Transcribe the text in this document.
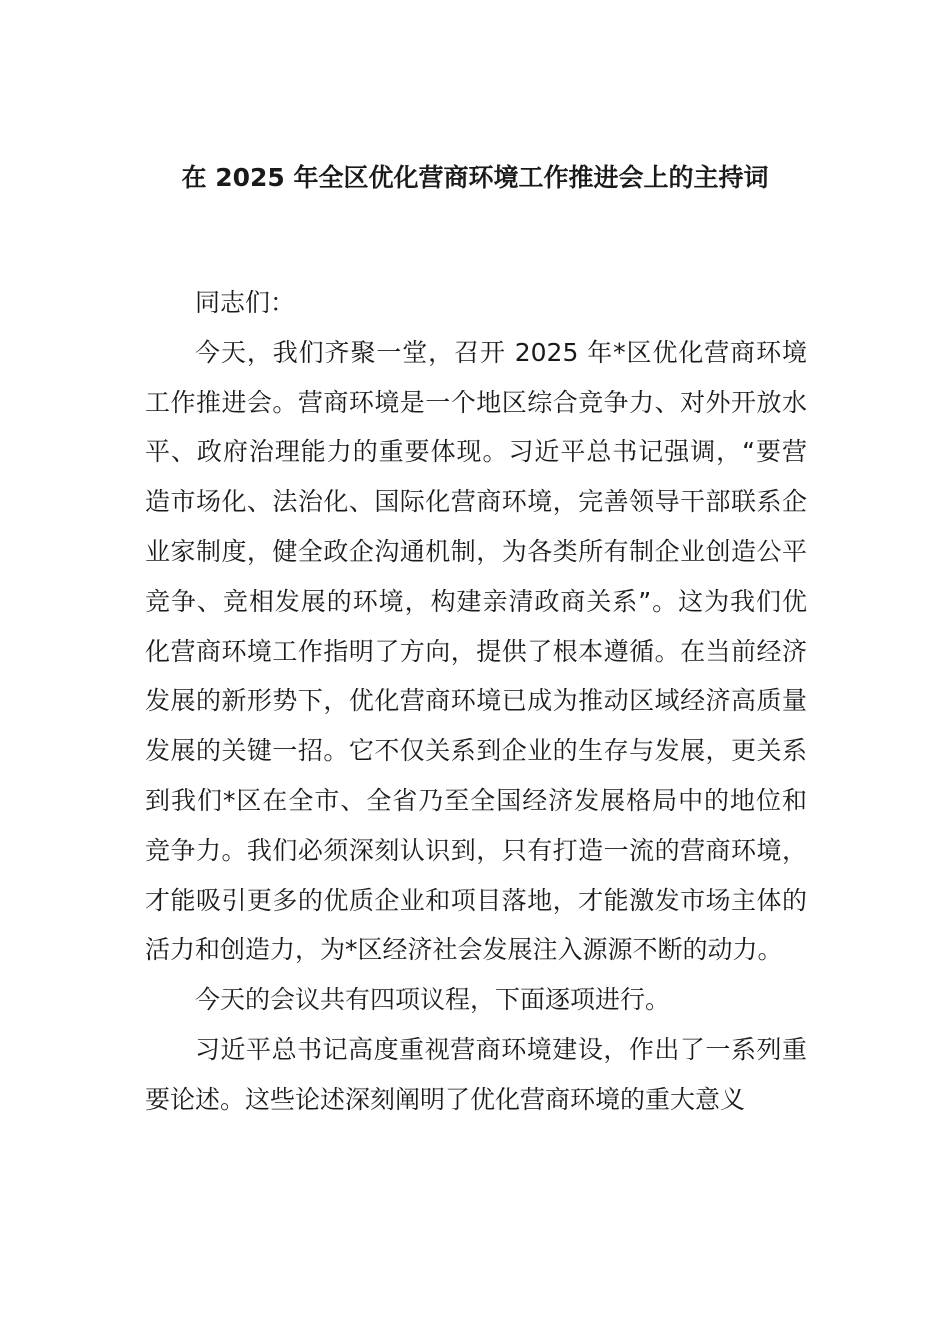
在 2025 年全区优化营商环境工作推进会上的主持词

同志们：

今天，我们齐聚一堂，召开 2025 年*区优化营商环境工作推进会。营商环境是一个地区综合竞争力、对外开放水平、政府治理能力的重要体现。习近平总书记强调，“要营造市场化、法治化、国际化营商环境，完善领导干部联系企业家制度，健全政企沟通机制，为各类所有制企业创造公平竞争、竞相发展的环境，构建亲清政商关系”。这为我们优化营商环境工作指明了方向，提供了根本遵循。在当前经济发展的新形势下，优化营商环境已成为推动区域经济高质量发展的关键一招。它不仅关系到企业的生存与发展，更关系到我们*区在全市、全省乃至全国经济发展格局中的地位和竞争力。我们必须深刻认识到，只有打造一流的营商环境，才能吸引更多的优质企业和项目落地，才能激发市场主体的活力和创造力，为*区经济社会发展注入源源不断的动力。

今天的会议共有四项议程，下面逐项进行。

习近平总书记高度重视营商环境建设，作出了一系列重要论述。这些论述深刻阐明了优化营商环境的重大意义
